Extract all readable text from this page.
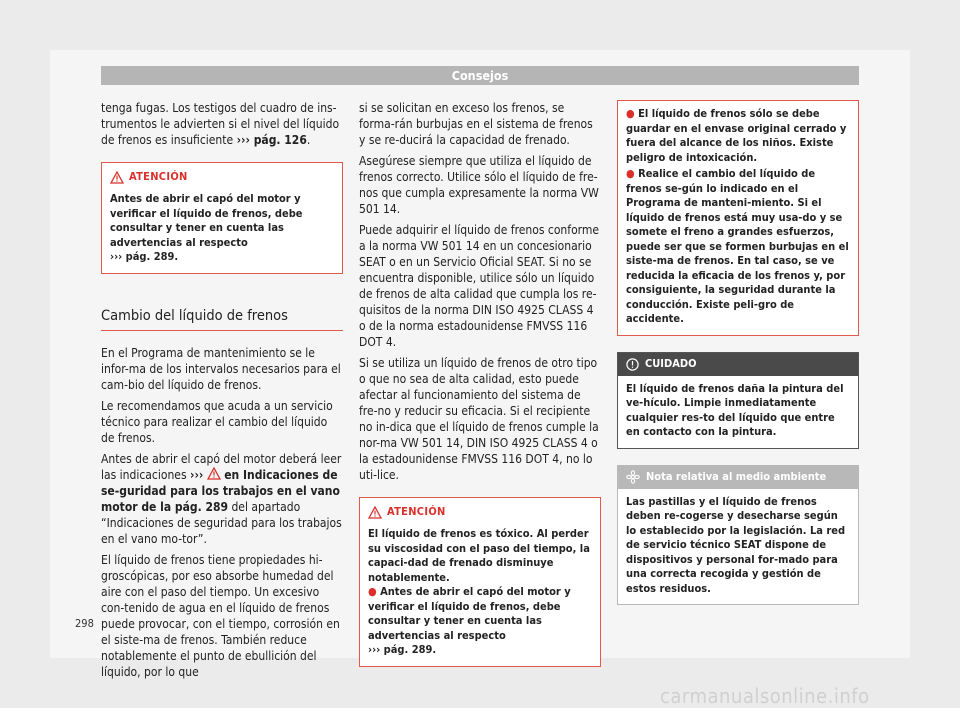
Consejos

tenga fugas. Los testigos del cuadro de ins-trumentos le advierten si el nivel del líquido de frenos es insuficiente ››› pág. 126.

ATENCIÓN
Antes de abrir el capó del motor y verificar el líquido de frenos, debe consultar y tener en cuenta las advertencias al respecto
››› pág. 289.
Cambio del líquido de frenos

En el Programa de mantenimiento se le infor-ma de los intervalos necesarios para el cam-bio del líquido de frenos.

Le recomendamos que acuda a un servicio técnico para realizar el cambio del líquido de frenos.

Antes de abrir el capó del motor deberá leer las indicaciones ››› en Indicaciones de se-guridad para los trabajos en el vano motor de la pág. 289 del apartado “Indicaciones de seguridad para los trabajos en el vano mo-tor”.

El líquido de frenos tiene propiedades hi-groscópicas, por eso absorbe humedad del aire con el paso del tiempo. Un excesivo con-tenido de agua en el líquido de frenos puede provocar, con el tiempo, corrosión en el siste-ma de frenos. También reduce notablemente el punto de ebullición del líquido, por lo que

si se solicitan en exceso los frenos, se forma-rán burbujas en el sistema de frenos y se re-ducirá la capacidad de frenado.

Asegúrese siempre que utiliza el líquido de frenos correcto. Utilice sólo el líquido de fre-nos que cumpla expresamente la norma VW 501 14.

Puede adquirir el líquido de frenos conforme a la norma VW 501 14 en un concesionario SEAT o en un Servicio Oficial SEAT. Si no se encuentra disponible, utilice sólo un líquido de frenos de alta calidad que cumpla los re-quisitos de la norma DIN ISO 4925 CLASS 4 o de la norma estadounidense FMVSS 116 DOT 4.

Si se utiliza un líquido de frenos de otro tipo o que no sea de alta calidad, esto puede afectar al funcionamiento del sistema de fre-no y reducir su eficacia. Si el recipiente no in-dica que el líquido de frenos cumple la nor-ma VW 501 14, DIN ISO 4925 CLASS 4 o la estadounidense FMVSS 116 DOT 4, no lo uti-lice.

ATENCIÓN
El líquido de frenos es tóxico. Al perder su viscosidad con el paso del tiempo, la capaci-dad de frenado disminuye notablemente.
● Antes de abrir el capó del motor y verificar el líquido de frenos, debe consultar y tener en cuenta las advertencias al respecto
››› pág. 289.
● El líquido de frenos sólo se debe guardar en el envase original cerrado y fuera del alcance de los niños. Existe peligro de intoxicación.
● Realice el cambio del líquido de frenos se-gún lo indicado en el Programa de manteni-miento. Si el líquido de frenos está muy usa-do y se somete el freno a grandes esfuerzos, puede ser que se formen burbujas en el siste-ma de frenos. En tal caso, se ve reducida la eficacia de los frenos y, por consiguiente, la seguridad durante la conducción. Existe peli-gro de accidente.
CUIDADO
El líquido de frenos daña la pintura del ve-hículo. Limpie inmediatamente cualquier res-to del líquido que entre en contacto con la pintura.
Nota relativa al medio ambiente
Las pastillas y el líquido de frenos deben re-cogerse y desecharse según lo establecido por la legislación. La red de servicio técnico SEAT dispone de dispositivos y personal for-mado para una correcta recogida y gestión de estos residuos.
298
carmanualsonline.info
